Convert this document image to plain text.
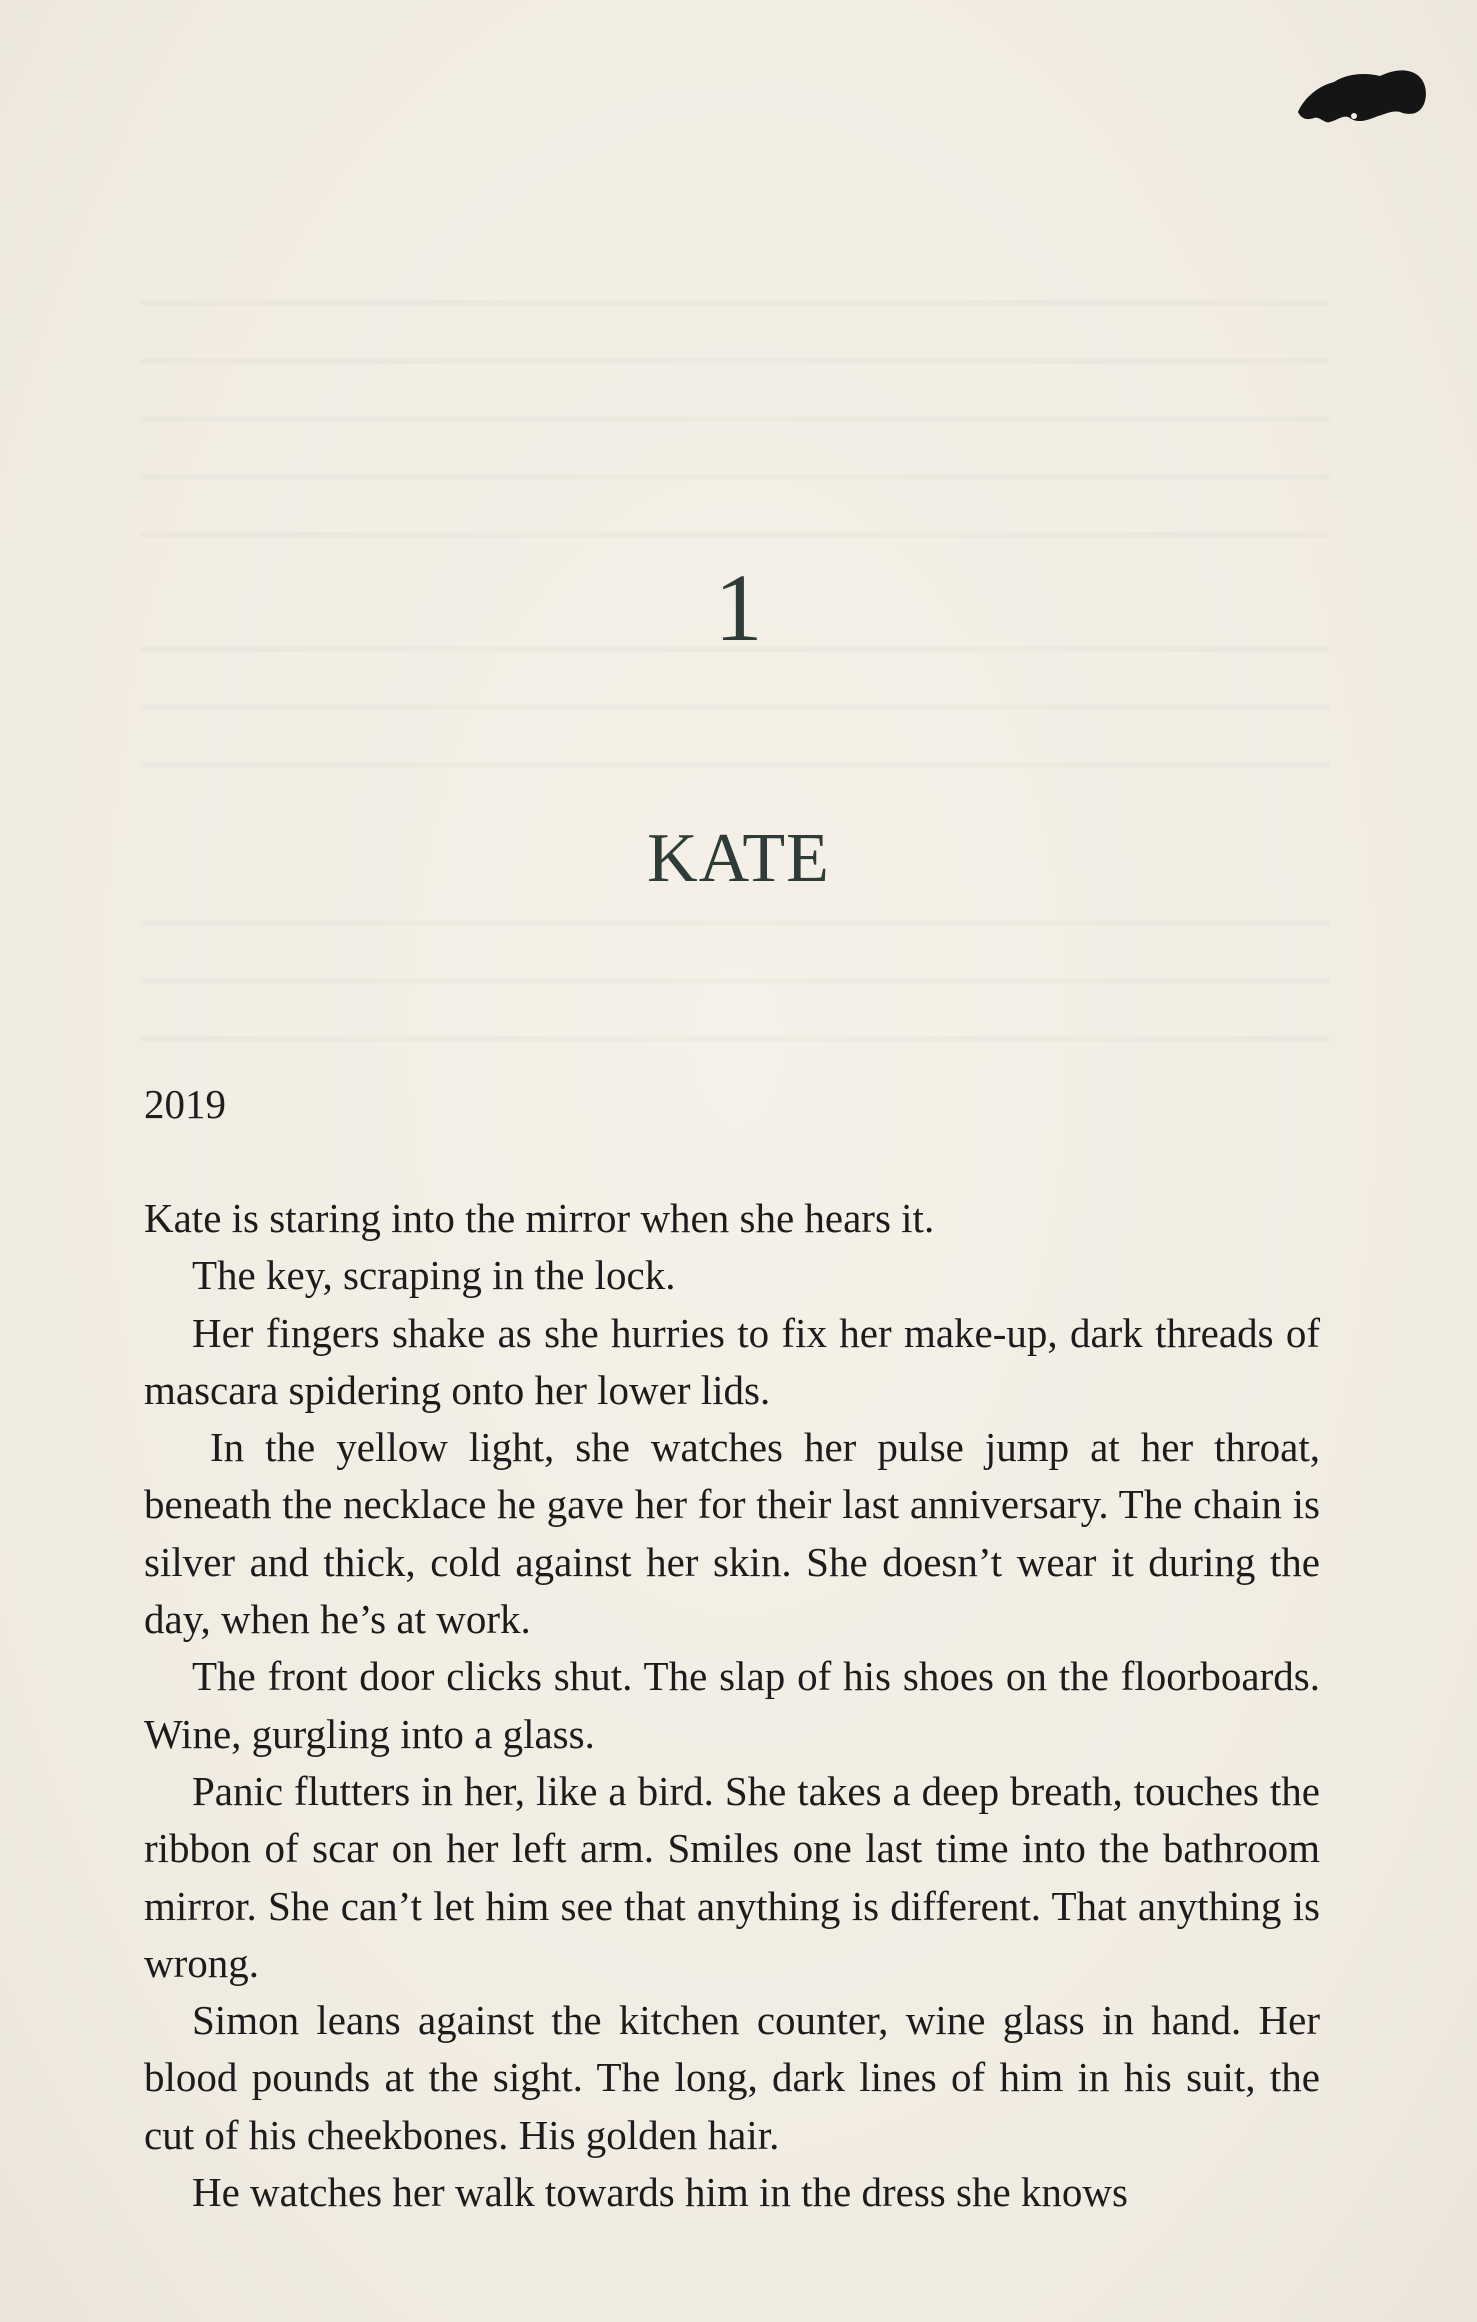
1
KATE
2019

Kate is staring into the mirror when she hears it.

The key, scraping in the lock.

Her fingers shake as she hurries to fix her make-up, dark threads of mascara spidering onto her lower lids.

In the yellow light, she watches her pulse jump at her throat, beneath the necklace he gave her for their last anniversary. The chain is silver and thick, cold against her skin. She doesn’t wear it during the day, when he’s at work.

The front door clicks shut. The slap of his shoes on the floorboards. Wine, gurgling into a glass.

Panic flutters in her, like a bird. She takes a deep breath, touches the ribbon of scar on her left arm. Smiles one last time into the bathroom mirror. She can’t let him see that anything is different. That anything is wrong.

Simon leans against the kitchen counter, wine glass in hand. Her blood pounds at the sight. The long, dark lines of him in his suit, the cut of his cheekbones. His golden hair.

He watches her walk towards him in the dress she knows
